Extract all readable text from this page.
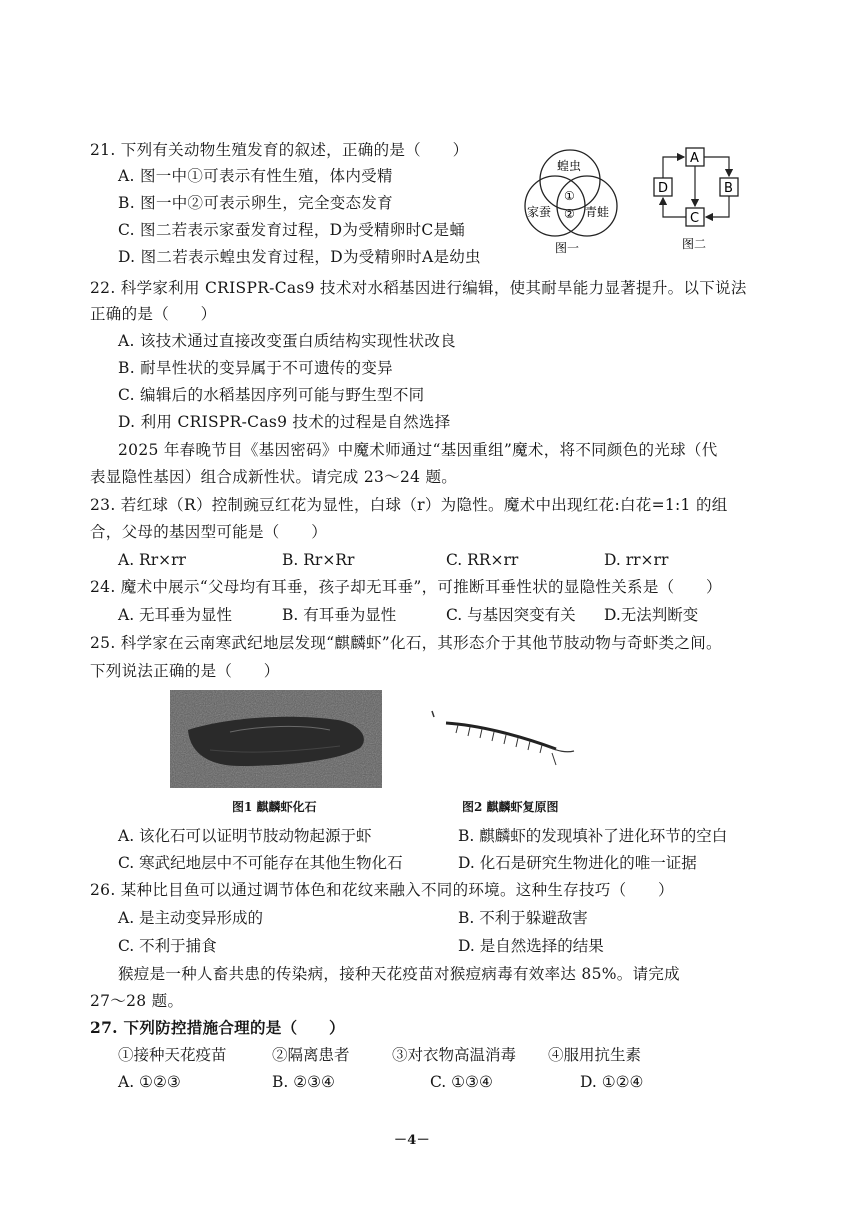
21. 下列有关动物生殖发育的叙述，正确的是（　　）
A. 图一中①可表示有性生殖，体内受精
B. 图一中②可表示卵生，完全变态发育
C. 图二若表示家蚕发育过程，D为受精卵时C是蛹
D. 图二若表示蝗虫发育过程，D为受精卵时A是幼虫
蝗虫
家蚕	青蛙
①
②
图一
A
B
C
D
图二
22. 科学家利用 CRISPR-Cas9 技术对水稻基因进行编辑，使其耐旱能力显著提升。以下说法
正确的是（　　）
A. 该技术通过直接改变蛋白质结构实现性状改良
B. 耐旱性状的变异属于不可遗传的变异
C. 编辑后的水稻基因序列可能与野生型不同
D. 利用 CRISPR-Cas9 技术的过程是自然选择
2025 年春晚节目《基因密码》中魔术师通过“基因重组”魔术，将不同颜色的光球（代
表显隐性基因）组合成新性状。请完成 23～24 题。
23. 若红球（R）控制豌豆红花为显性，白球（r）为隐性。魔术中出现红花:白花=1:1 的组
合，父母的基因型可能是（　　）
A. Rr×rr	B. Rr×Rr	C. RR×rr	D. rr×rr
24. 魔术中展示“父母均有耳垂，孩子却无耳垂”，可推断耳垂性状的显隐性关系是（　　）
A. 无耳垂为显性	B. 有耳垂为显性	C. 与基因突变有关 D.无法判断变
25. 科学家在云南寒武纪地层发现“麒麟虾”化石，其形态介于其他节肢动物与奇虾类之间。
下列说法正确的是（　　）
图1 麒麟虾化石	图2 麒麟虾复原图
A. 该化石可以证明节肢动物起源于虾	B. 麒麟虾的发现填补了进化环节的空白
C. 寒武纪地层中不可能存在其他生物化石	D. 化石是研究生物进化的唯一证据
26. 某种比目鱼可以通过调节体色和花纹来融入不同的环境。这种生存技巧（　　）
A. 是主动变异形成的	B. 不利于躲避敌害
C. 不利于捕食	D. 是自然选择的结果
猴痘是一种人畜共患的传染病，接种天花疫苗对猴痘病毒有效率达 85%。请完成
27～28 题。
27. 下列防控措施合理的是（　　）
①接种天花疫苗	②隔离患者	③对衣物高温消毒 ④服用抗生素
A. ①②③	B. ②③④	C. ①③④	D. ①②④
－4－
